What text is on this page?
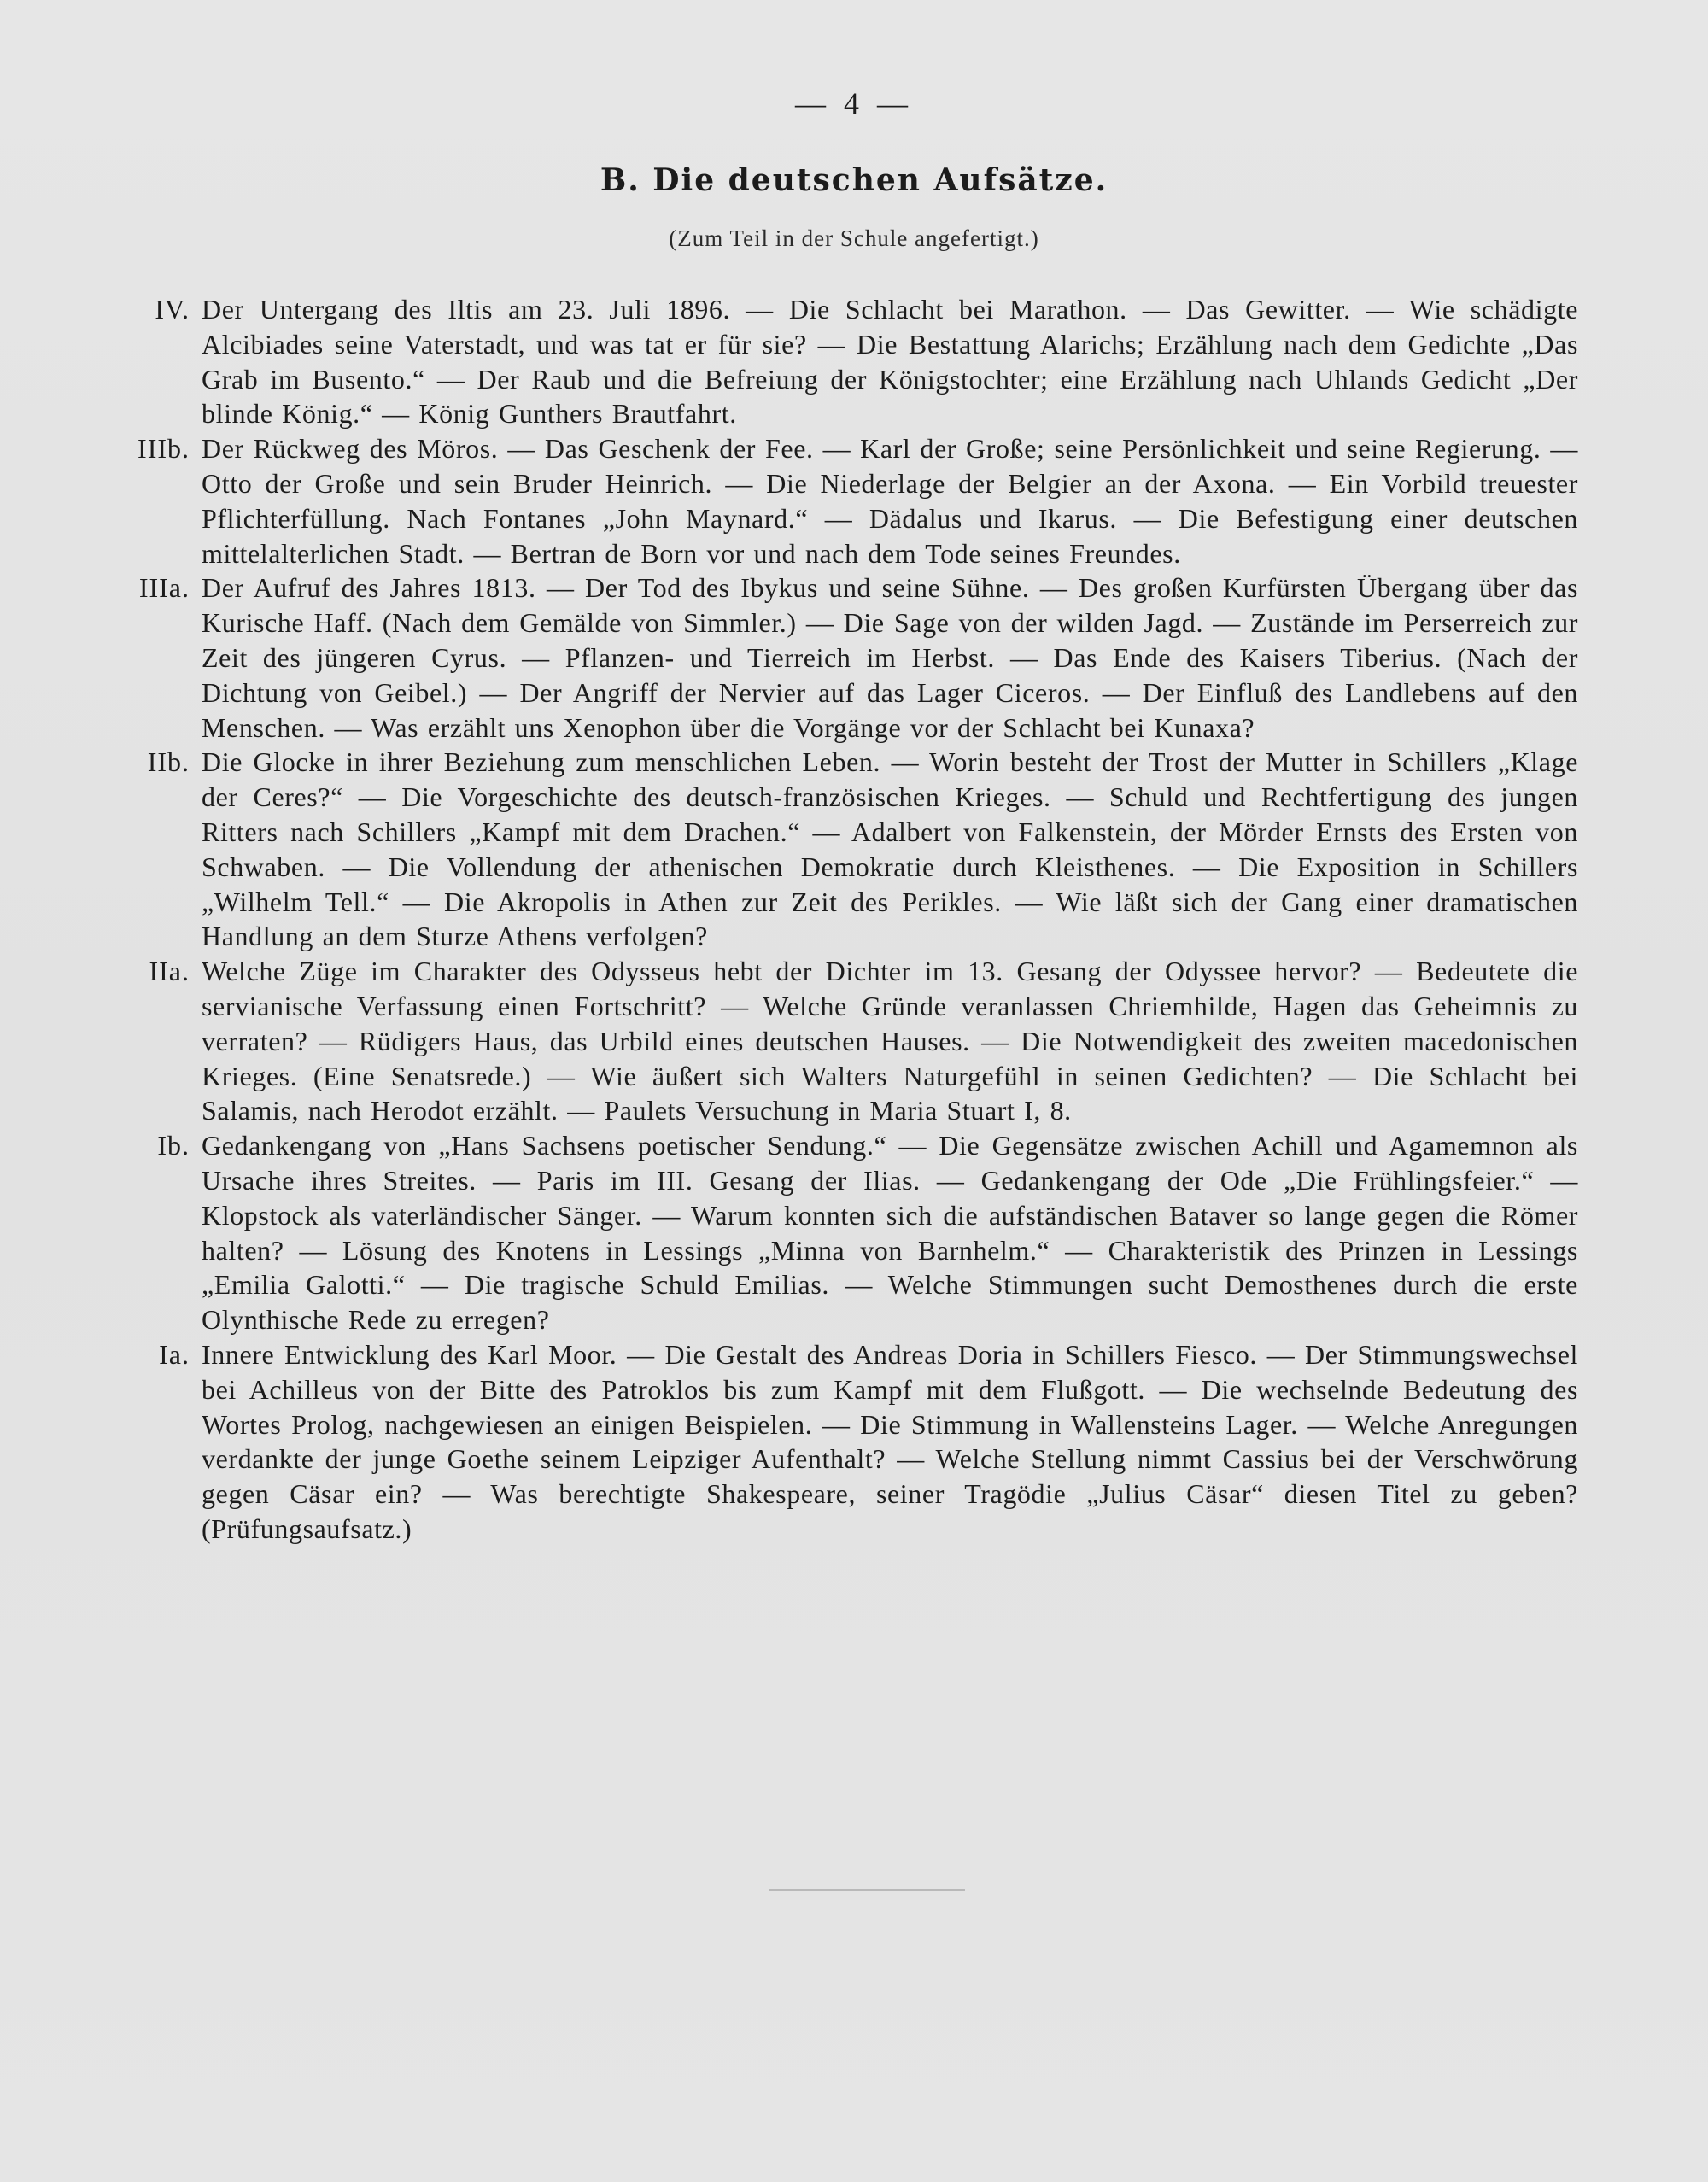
— 4 —
B. Die deutschen Aufsätze.
(Zum Teil in der Schule angefertigt.)
IV. Der Untergang des Iltis am 23. Juli 1896. — Die Schlacht bei Marathon. — Das Gewitter. — Wie schädigte Alcibiades seine Vaterstadt, und was tat er für sie? — Die Bestattung Alarichs; Erzählung nach dem Gedichte „Das Grab im Busento.“ — Der Raub und die Befreiung der Königstochter; eine Erzählung nach Uhlands Gedicht „Der blinde König.“ — König Gunthers Brautfahrt.
IIIb. Der Rückweg des Möros. — Das Geschenk der Fee. — Karl der Große; seine Persönlichkeit und seine Regierung. — Otto der Große und sein Bruder Heinrich. — Die Niederlage der Belgier an der Axona. — Ein Vorbild treuester Pflichterfüllung. Nach Fontanes „John Maynard.“ — Dädalus und Ikarus. — Die Befestigung einer deutschen mittelalterlichen Stadt. — Bertran de Born vor und nach dem Tode seines Freundes.
IIIa. Der Aufruf des Jahres 1813. — Der Tod des Ibykus und seine Sühne. — Des großen Kurfürsten Übergang über das Kurische Haff. (Nach dem Gemälde von Simmler.) — Die Sage von der wilden Jagd. — Zustände im Perserreich zur Zeit des jüngeren Cyrus. — Pflanzen- und Tierreich im Herbst. — Das Ende des Kaisers Tiberius. (Nach der Dichtung von Geibel.) — Der Angriff der Nervier auf das Lager Ciceros. — Der Einfluß des Landlebens auf den Menschen. — Was erzählt uns Xenophon über die Vorgänge vor der Schlacht bei Kunaxa?
IIb. Die Glocke in ihrer Beziehung zum menschlichen Leben. — Worin besteht der Trost der Mutter in Schillers „Klage der Ceres?“ — Die Vorgeschichte des deutsch-französischen Krieges. — Schuld und Rechtfertigung des jungen Ritters nach Schillers „Kampf mit dem Drachen.“ — Adalbert von Falkenstein, der Mörder Ernsts des Ersten von Schwaben. — Die Vollendung der athenischen Demokratie durch Kleisthenes. — Die Exposition in Schillers „Wilhelm Tell.“ — Die Akropolis in Athen zur Zeit des Perikles. — Wie läßt sich der Gang einer dramatischen Handlung an dem Sturze Athens verfolgen?
IIa. Welche Züge im Charakter des Odysseus hebt der Dichter im 13. Gesang der Odyssee hervor? — Bedeutete die servianische Verfassung einen Fortschritt? — Welche Gründe veranlassen Chriemhilde, Hagen das Geheimnis zu verraten? — Rüdigers Haus, das Urbild eines deutschen Hauses. — Die Notwendigkeit des zweiten macedonischen Krieges. (Eine Senatsrede.) — Wie äußert sich Walters Naturgefühl in seinen Gedichten? — Die Schlacht bei Salamis, nach Herodot erzählt. — Paulets Versuchung in Maria Stuart I, 8.
Ib. Gedankengang von „Hans Sachsens poetischer Sendung.“ — Die Gegensätze zwischen Achill und Agamemnon als Ursache ihres Streites. — Paris im III. Gesang der Ilias. — Gedankengang der Ode „Die Frühlingsfeier.“ — Klopstock als vaterländischer Sänger. — Warum konnten sich die aufständischen Bataver so lange gegen die Römer halten? — Lösung des Knotens in Lessings „Minna von Barnhelm.“ — Charakteristik des Prinzen in Lessings „Emilia Galotti.“ — Die tragische Schuld Emilias. — Welche Stimmungen sucht Demosthenes durch die erste Olynthische Rede zu erregen?
Ia. Innere Entwicklung des Karl Moor. — Die Gestalt des Andreas Doria in Schillers Fiesco. — Der Stimmungswechsel bei Achilleus von der Bitte des Patroklos bis zum Kampf mit dem Flußgott. — Die wechselnde Bedeutung des Wortes Prolog, nachgewiesen an einigen Beispielen. — Die Stimmung in Wallensteins Lager. — Welche Anregungen verdankte der junge Goethe seinem Leipziger Aufenthalt? — Welche Stellung nimmt Cassius bei der Verschwörung gegen Cäsar ein? — Was berechtigte Shakespeare, seiner Tragödie „Julius Cäsar“ diesen Titel zu geben? (Prüfungsaufsatz.)
